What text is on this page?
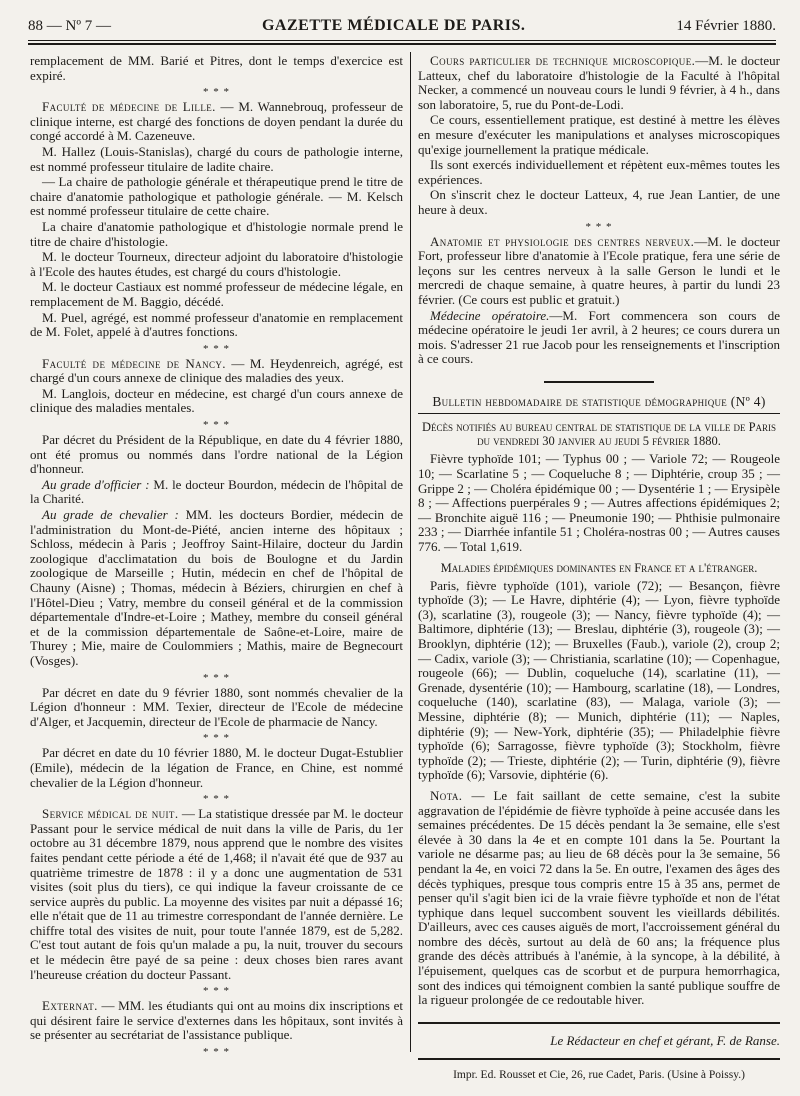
88 — Nº 7 —	GAZETTE MÉDICALE DE PARIS.	14 Février 1880.

remplacement de MM. Barié et Pitres, dont le temps d'exercice est expiré.

* * *

Faculté de médecine de Lille. — M. Wannebrouq, professeur de clinique interne, est chargé des fonctions de doyen pendant la durée du congé accordé à M. Cazeneuve.

M. Hallez (Louis-Stanislas), chargé du cours de pathologie interne, est nommé professeur titulaire de ladite chaire.

— La chaire de pathologie générale et thérapeutique prend le titre de chaire d'anatomie pathologique et pathologie générale. — M. Kelsch est nommé professeur titulaire de cette chaire.

La chaire d'anatomie pathologique et d'histologie normale prend le titre de chaire d'histologie.

M. le docteur Tourneux, directeur adjoint du laboratoire d'histologie à l'Ecole des hautes études, est chargé du cours d'histologie.

M. le docteur Castiaux est nommé professeur de médecine légale, en remplacement de M. Baggio, décédé.

M. Puel, agrégé, est nommé professeur d'anatomie en remplacement de M. Folet, appelé à d'autres fonctions.

* * *

Faculté de médecine de Nancy. — M. Heydenreich, agrégé, est chargé d'un cours annexe de clinique des maladies des yeux.

M. Langlois, docteur en médecine, est chargé d'un cours annexe de clinique des maladies mentales.

* * *

Par décret du Président de la République, en date du 4 février 1880, ont été promus ou nommés dans l'ordre national de la Légion d'honneur.

Au grade d'officier : M. le docteur Bourdon, médecin de l'hôpital de la Charité.

Au grade de chevalier : MM. les docteurs Bordier, médecin de l'administration du Mont-de-Piété, ancien interne des hôpitaux ; Schloss, médecin à Paris ; Jeoffroy Saint-Hilaire, docteur du Jardin zoologique d'acclimatation du bois de Boulogne et du Jardin zoologique de Marseille ; Hutin, médecin en chef de l'hôpital de Chauny (Aisne) ; Thomas, médecin à Béziers, chirurgien en chef à l'Hôtel-Dieu ; Vatry, membre du conseil général et de la commission départementale d'Indre-et-Loire ; Mathey, membre du conseil général et de la commission départementale de Saône-et-Loire, maire de Thurey ; Mie, maire de Coulommiers ; Mathis, maire de Begnecourt (Vosges).

* * *

Par décret en date du 9 février 1880, sont nommés chevalier de la Légion d'honneur : MM. Texier, directeur de l'Ecole de médecine d'Alger, et Jacquemin, directeur de l'Ecole de pharmacie de Nancy.

* * *

Par décret en date du 10 février 1880, M. le docteur Dugat-Estublier (Emile), médecin de la légation de France, en Chine, est nommé chevalier de la Légion d'honneur.

* * *

Service médical de nuit. — La statistique dressée par M. le docteur Passant pour le service médical de nuit dans la ville de Paris, du 1er octobre au 31 décembre 1879, nous apprend que le nombre des visites faites pendant cette période a été de 1,468; il n'avait été que de 937 au quatrième trimestre de 1878 : il y a donc une augmentation de 531 visites (soit plus du tiers), ce qui indique la faveur croissante de ce service auprès du public. La moyenne des visites par nuit a dépassé 16; elle n'était que de 11 au trimestre correspondant de l'année dernière. Le chiffre total des visites de nuit, pour toute l'année 1879, est de 5,282. C'est tout autant de fois qu'un malade a pu, la nuit, trouver du secours et le médecin être payé de sa peine : deux choses bien rares avant l'heureuse création du docteur Passant.

* * *

Externat. — MM. les étudiants qui ont au moins dix inscriptions et qui désirent faire le service d'externes dans les hôpitaux, sont invités à se présenter au secrétariat de l'assistance publique.

* * *

Cours particulier de technique microscopique.—M. le docteur Latteux, chef du laboratoire d'histologie de la Faculté à l'hôpital Necker, a commencé un nouveau cours le lundi 9 février, à 4 h., dans son laboratoire, 5, rue du Pont-de-Lodi.

Ce cours, essentiellement pratique, est destiné à mettre les élèves en mesure d'exécuter les manipulations et analyses microscopiques qu'exige journellement la pratique médicale.

Ils sont exercés individuellement et répètent eux-mêmes toutes les expériences.

On s'inscrit chez le docteur Latteux, 4, rue Jean Lantier, de une heure à deux.

* * *

Anatomie et physiologie des centres nerveux.—M. le docteur Fort, professeur libre d'anatomie à l'Ecole pratique, fera une série de leçons sur les centres nerveux à la salle Gerson le lundi et le mercredi de chaque semaine, à quatre heures, à partir du lundi 23 février. (Ce cours est public et gratuit.)

Médecine opératoire.—M. Fort commencera son cours de médecine opératoire le jeudi 1er avril, à 2 heures; ce cours durera un mois. S'adresser 21 rue Jacob pour les renseignements et l'inscription à ce cours.

Bulletin hebdomadaire de statistique démographique (Nº 4)
Décès notifiés au bureau central de statistique de la ville de Paris du vendredi 30 janvier au jeudi 5 février 1880.

Fièvre typhoïde 101; — Typhus 00 ; — Variole 72; — Rougeole 10; — Scarlatine 5 ; — Coqueluche 8 ; — Diphtérie, croup 35 ; — Grippe 2 ; — Choléra épidémique 00 ; — Dysentérie 1 ; — Erysipèle 8 ; — Affections puerpérales 9 ; — Autres affections épidémiques 2; — Bronchite aiguë 116 ; — Pneumonie 190; — Phthisie pulmonaire 233 ; — Diarrhée infantile 51 ; Choléra-nostras 00 ; — Autres causes 776. — Total 1,619.

Maladies épidémiques dominantes en France et a l'étranger.

Paris, fièvre typhoïde (101), variole (72); — Besançon, fièvre typhoïde (3); — Le Havre, diphtérie (4); — Lyon, fièvre typhoïde (3), scarlatine (3), rougeole (3); — Nancy, fièvre typhoïde (4); — Baltimore, diphtérie (13); — Breslau, diphtérie (3), rougeole (3); — Brooklyn, diphtérie (12); — Bruxelles (Faub.), variole (2), croup 2; — Cadix, variole (3); — Christiania, scarlatine (10); — Copenhague, rougeole (66); — Dublin, coqueluche (14), scarlatine (11), — Grenade, dysentérie (10); — Hambourg, scarlatine (18), — Londres, coqueluche (140), scarlatine (83), — Malaga, variole (3); — Messine, diphtérie (8); — Munich, diphtérie (11); — Naples, diphtérie (9); — New-York, diphtérie (35); — Philadelphie fièvre typhoïde (6); Sarragosse, fièvre typhoïde (3); Stockholm, fièvre typhoïde (2); — Trieste, diphtérie (2); — Turin, diphtérie (9), fièvre typhoïde (6); Varsovie, diphtérie (6).

Nota. — Le fait saillant de cette semaine, c'est la subite aggravation de l'épidémie de fièvre typhoïde à peine accusée dans les semaines précédentes. De 15 décès pendant la 3e semaine, elle s'est élevée à 30 dans la 4e et en compte 101 dans la 5e. Pourtant la variole ne désarme pas; au lieu de 68 décès pour la 3e semaine, 56 pendant la 4e, en voici 72 dans la 5e. En outre, l'examen des âges des décès typhiques, presque tous compris entre 15 à 35 ans, permet de penser qu'il s'agit bien ici de la vraie fièvre typhoïde et non de l'état typhique dans lequel succombent souvent les vieillards débilités. D'ailleurs, avec ces causes aiguës de mort, l'accroissement général du nombre des décès, surtout au delà de 60 ans; la fréquence plus grande des décès attribués à l'anémie, à la syncope, à la débilité, à l'épuisement, quelques cas de scorbut et de purpura hemorrhagica, sont des indices qui témoignent combien la santé publique souffre de la rigueur prolongée de ce redoutable hiver.

Le Rédacteur en chef et gérant, F. de Ranse.
Impr. Ed. Rousset et Cie, 26, rue Cadet, Paris. (Usine à Poissy.)
